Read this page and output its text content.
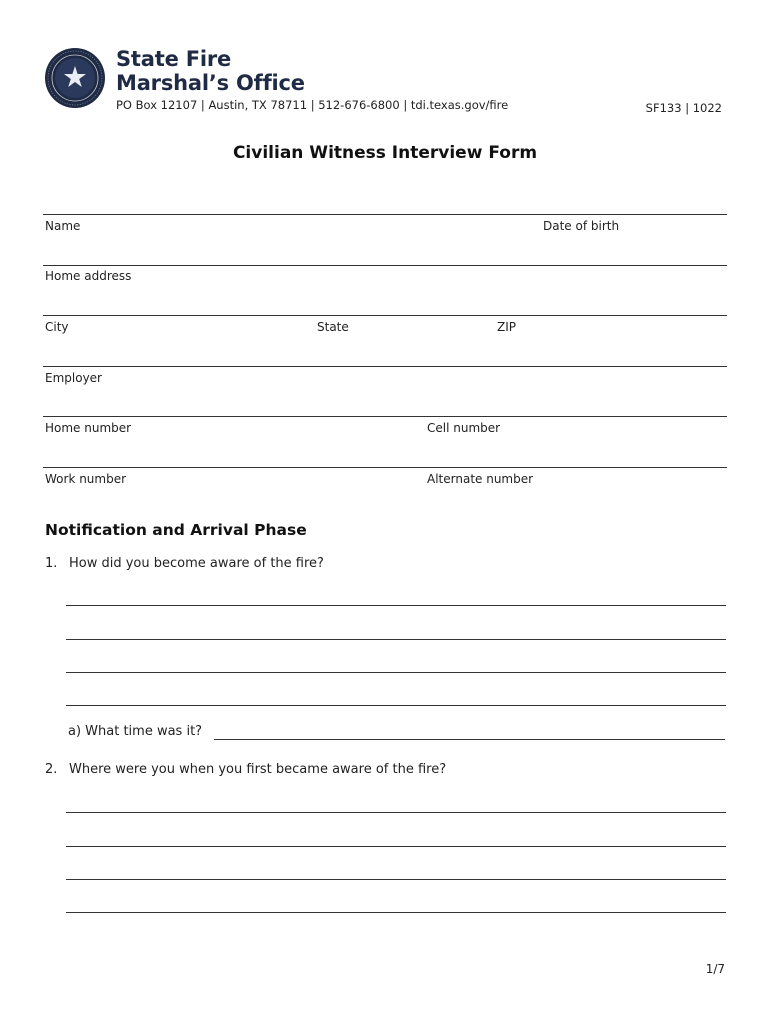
State Fire
Marshal’s Office
PO Box 12107 | Austin, TX 78711 | 512-676-6800 | tdi.texas.gov/fire	SF133 | 1022
Civilian Witness Interview Form
Name	Date of birth
Home address
City	State	ZIP
Employer
Home number	Cell number
Work number	Alternate number
Notification and Arrival Phase
1. How did you become aware of the fire?
a) What time was it?
2. Where were you when you first became aware of the fire?
1/7
